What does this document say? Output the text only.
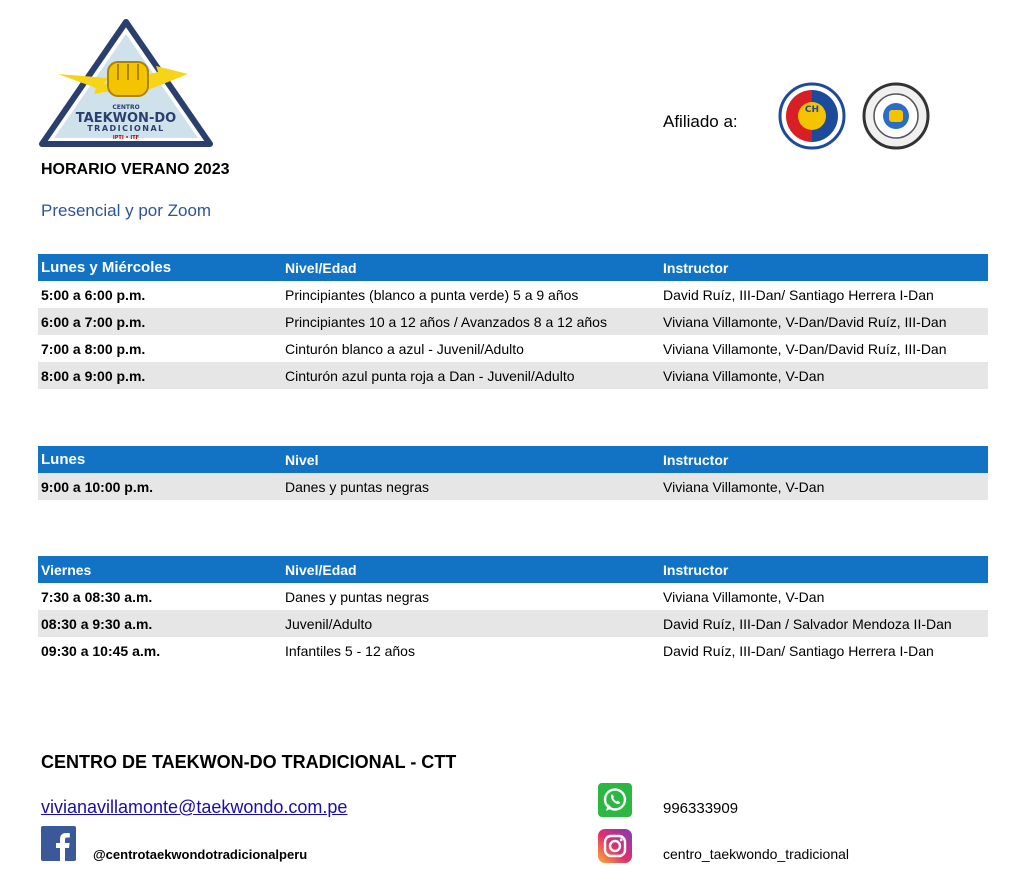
CENTRO
TAEKWON-DO
TRADICIONAL
IPTI • ITF
Afiliado a:
CH
HORARIO VERANO 2023
Presencial y por Zoom
Lunes y Miércoles	Nivel/Edad	Instructor
5:00 a 6:00 p.m.	Principiantes (blanco a punta verde) 5 a 9 años	David Ruíz, III-Dan/ Santiago Herrera I-Dan
6:00 a 7:00 p.m.	Principiantes 10 a 12 años / Avanzados 8 a 12 años	Viviana Villamonte, V-Dan/David Ruíz, III-Dan
7:00 a 8:00 p.m.	Cinturón blanco a azul - Juvenil/Adulto	Viviana Villamonte, V-Dan/David Ruíz, III-Dan
8:00 a 9:00 p.m.	Cinturón azul punta roja a Dan - Juvenil/Adulto	Viviana Villamonte, V-Dan
Lunes	Nivel	Instructor
9:00 a 10:00 p.m.	Danes y puntas negras	Viviana Villamonte, V-Dan
Viernes	Nivel/Edad	Instructor
7:30 a 08:30 a.m.	Danes y puntas negras	Viviana Villamonte, V-Dan
08:30 a 9:30 a.m.	Juvenil/Adulto	David Ruíz, III-Dan / Salvador Mendoza II-Dan
09:30 a 10:45 a.m.	Infantiles 5 - 12 años	David Ruíz, III-Dan/ Santiago Herrera I-Dan
CENTRO DE TAEKWON-DO TRADICIONAL - CTT
vivianavillamonte@taekwondo.com.pe
@centrotaekwondotradicionalperu
996333909
centro_taekwondo_tradicional
